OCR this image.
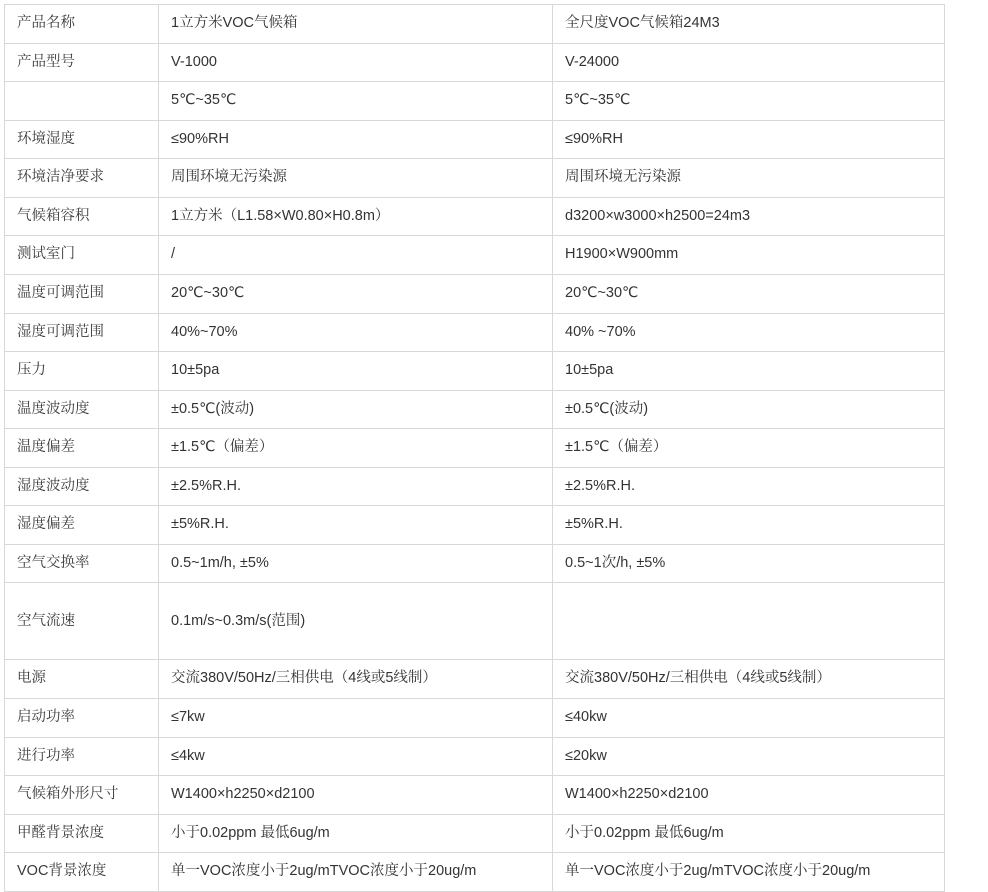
产品名称	1立方米VOC气候箱	全尺度VOC气候箱24M3
产品型号	V-1000	V-24000
	5℃~35℃	5℃~35℃
环境湿度	≤90%RH	≤90%RH
环境洁净要求	周围环境无污染源	周围环境无污染源
气候箱容积	1立方米（L1.58×W0.80×H0.8m）	d3200×w3000×h2500=24m3
测试室门	/	H1900×W900mm
温度可调范围	20℃~30℃	20℃~30℃
湿度可调范围	40%~70%	40% ~70%
压力	10±5pa	10±5pa
温度波动度	±0.5℃(波动)	±0.5℃(波动)
温度偏差	±1.5℃（偏差）	±1.5℃（偏差）
湿度波动度	±2.5%R.H.	±2.5%R.H.
湿度偏差	±5%R.H.	±5%R.H.
空气交换率	0.5~1m/h, ±5%	0.5~1次/h, ±5%
空气流速	0.1m/s~0.3m/s(范围)	
电源	交流380V/50Hz/三相供电（4线或5线制）	交流380V/50Hz/三相供电（4线或5线制）
启动功率	≤7kw	≤40kw
进行功率	≤4kw	≤20kw
气候箱外形尺寸	W1400×h2250×d2100	W1400×h2250×d2100
甲醛背景浓度	小于0.02ppm 最低6ug/m	小于0.02ppm 最低6ug/m
VOC背景浓度	单一VOC浓度小于2ug/mTVOC浓度小于20ug/m	单一VOC浓度小于2ug/mTVOC浓度小于20ug/m
